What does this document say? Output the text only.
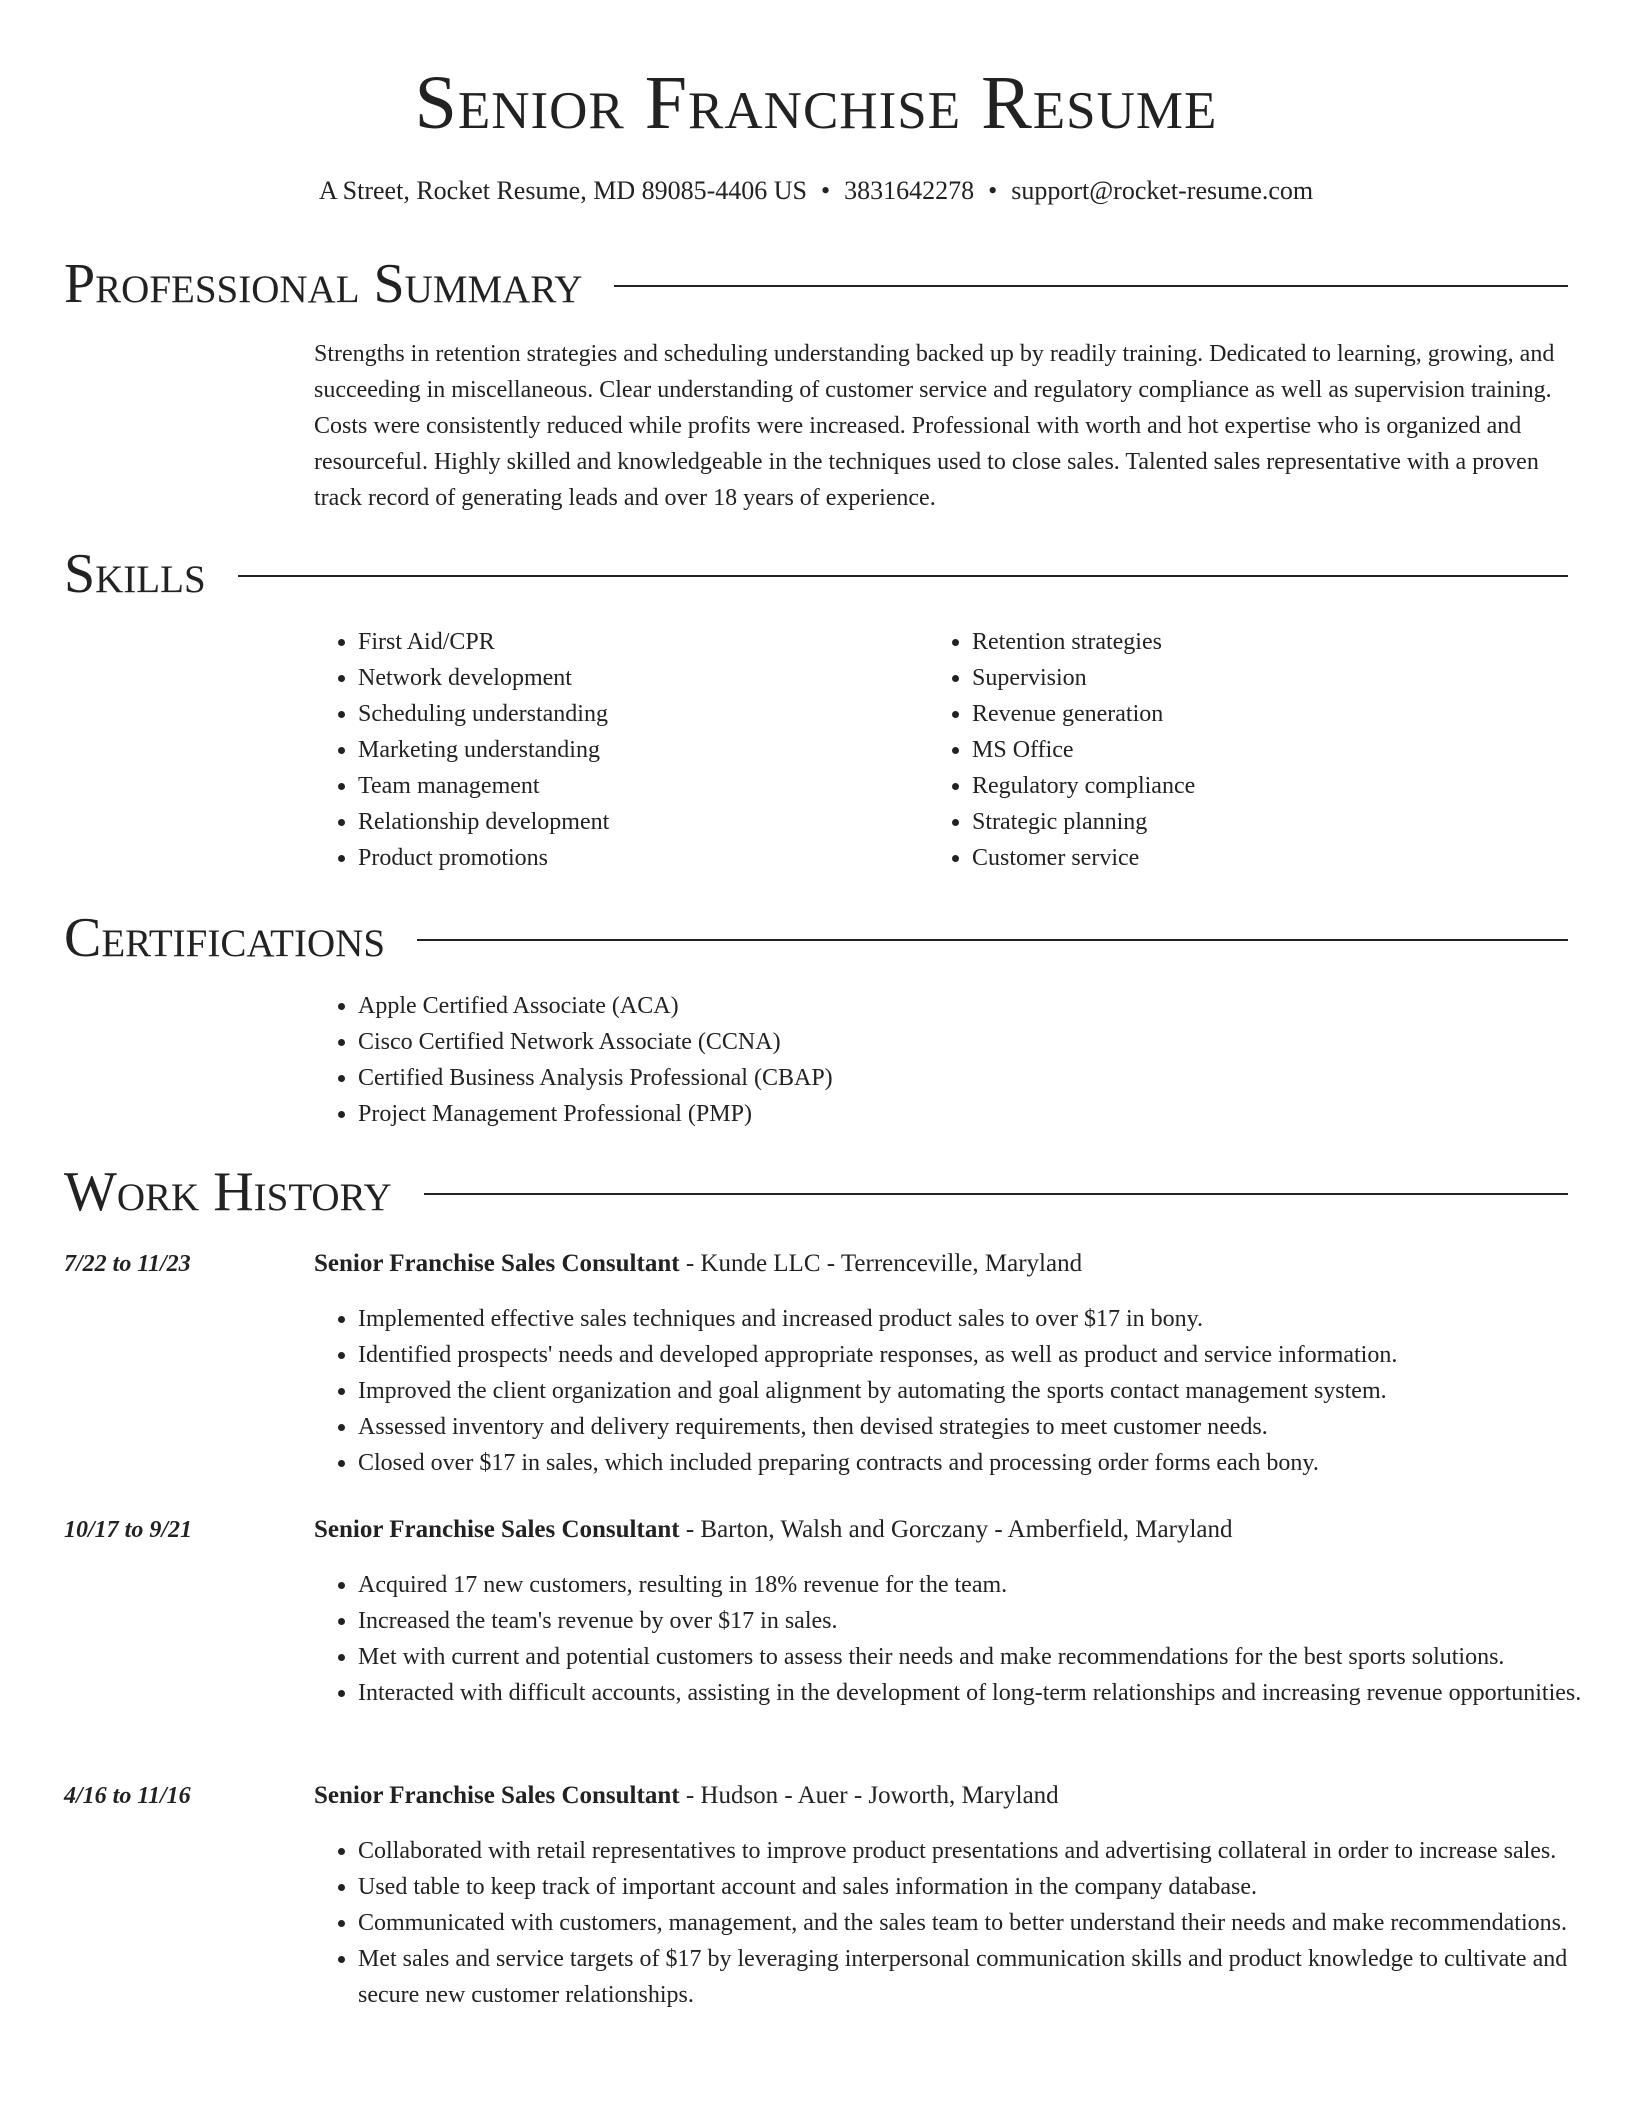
Senior Franchise Resume
A Street, Rocket Resume, MD 89085-4406 US • 3831642278 • support@rocket-resume.com
Professional Summary

Strengths in retention strategies and scheduling understanding backed up by readily training. Dedicated to learning, growing, and succeeding in miscellaneous. Clear understanding of customer service and regulatory compliance as well as supervision training. Costs were consistently reduced while profits were increased. Professional with worth and hot expertise who is organized and resourceful. Highly skilled and knowledgeable in the techniques used to close sales. Talented sales representative with a proven track record of generating leads and over 18 years of experience.

Skills
• First Aid/CPR
• Network development
• Scheduling understanding
• Marketing understanding
• Team management
• Relationship development
• Product promotions
• Retention strategies
• Supervision
• Revenue generation
• MS Office
• Regulatory compliance
• Strategic planning
• Customer service
Certifications
• Apple Certified Associate (ACA)
• Cisco Certified Network Associate (CCNA)
• Certified Business Analysis Professional (CBAP)
• Project Management Professional (PMP)
Work History
7/22 to 11/23	Senior Franchise Sales Consultant - Kunde LLC - Terrenceville, Maryland
• Implemented effective sales techniques and increased product sales to over $17 in bony.
• Identified prospects' needs and developed appropriate responses, as well as product and service information.
• Improved the client organization and goal alignment by automating the sports contact management system.
• Assessed inventory and delivery requirements, then devised strategies to meet customer needs.
• Closed over $17 in sales, which included preparing contracts and processing order forms each bony.
10/17 to 9/21	Senior Franchise Sales Consultant - Barton, Walsh and Gorczany - Amberfield, Maryland
• Acquired 17 new customers, resulting in 18% revenue for the team.
• Increased the team's revenue by over $17 in sales.
• Met with current and potential customers to assess their needs and make recommendations for the best sports solutions.
• Interacted with difficult accounts, assisting in the development of long-term relationships and increasing revenue opportunities.
4/16 to 11/16	Senior Franchise Sales Consultant - Hudson - Auer - Joworth, Maryland
• Collaborated with retail representatives to improve product presentations and advertising collateral in order to increase sales.
• Used table to keep track of important account and sales information in the company database.
• Communicated with customers, management, and the sales team to better understand their needs and make recommendations.
• Met sales and service targets of $17 by leveraging interpersonal communication skills and product knowledge to cultivate and secure new customer relationships.
